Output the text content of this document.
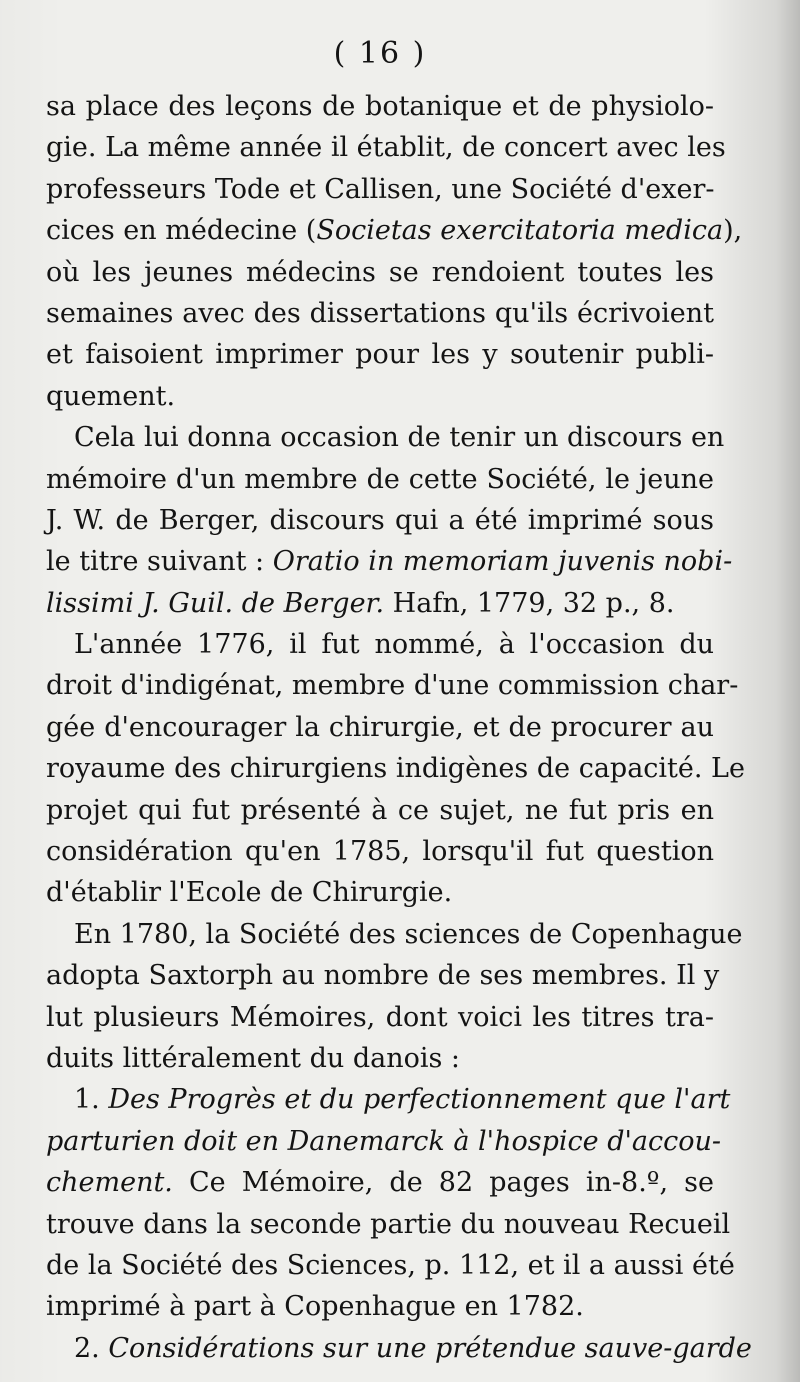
( 16 )
sa place des leçons de botanique et de physiolo-
gie. La même année il établit, de concert avec les
professeurs Tode et Callisen, une Société d'exer-
cices en médecine (Societas exercitatoria medica),
où les jeunes médecins se rendoient toutes les
semaines avec des dissertations qu'ils écrivoient
et faisoient imprimer pour les y soutenir publi-
quement.
Cela lui donna occasion de tenir un discours en
mémoire d'un membre de cette Société, le jeune
J. W. de Berger, discours qui a été imprimé sous
le titre suivant : Oratio in memoriam juvenis nobi-
lissimi J. Guil. de Berger. Hafn, 1779, 32 p., 8.
L'année 1776, il fut nommé, à l'occasion du
droit d'indigénat, membre d'une commission char-
gée d'encourager la chirurgie, et de procurer au
royaume des chirurgiens indigènes de capacité. Le
projet qui fut présenté à ce sujet, ne fut pris en
considération qu'en 1785, lorsqu'il fut question
d'établir l'Ecole de Chirurgie.
En 1780, la Société des sciences de Copenhague
adopta Saxtorph au nombre de ses membres. Il y
lut plusieurs Mémoires, dont voici les titres tra-
duits littéralement du danois :
1. Des Progrès et du perfectionnement que l'art
parturien doit en Danemarck à l'hospice d'accou-
chement. Ce Mémoire, de 82 pages in-8.º, se
trouve dans la seconde partie du nouveau Recueil
de la Société des Sciences, p. 112, et il a aussi été
imprimé à part à Copenhague en 1782.
2. Considérations sur une prétendue sauve-garde
